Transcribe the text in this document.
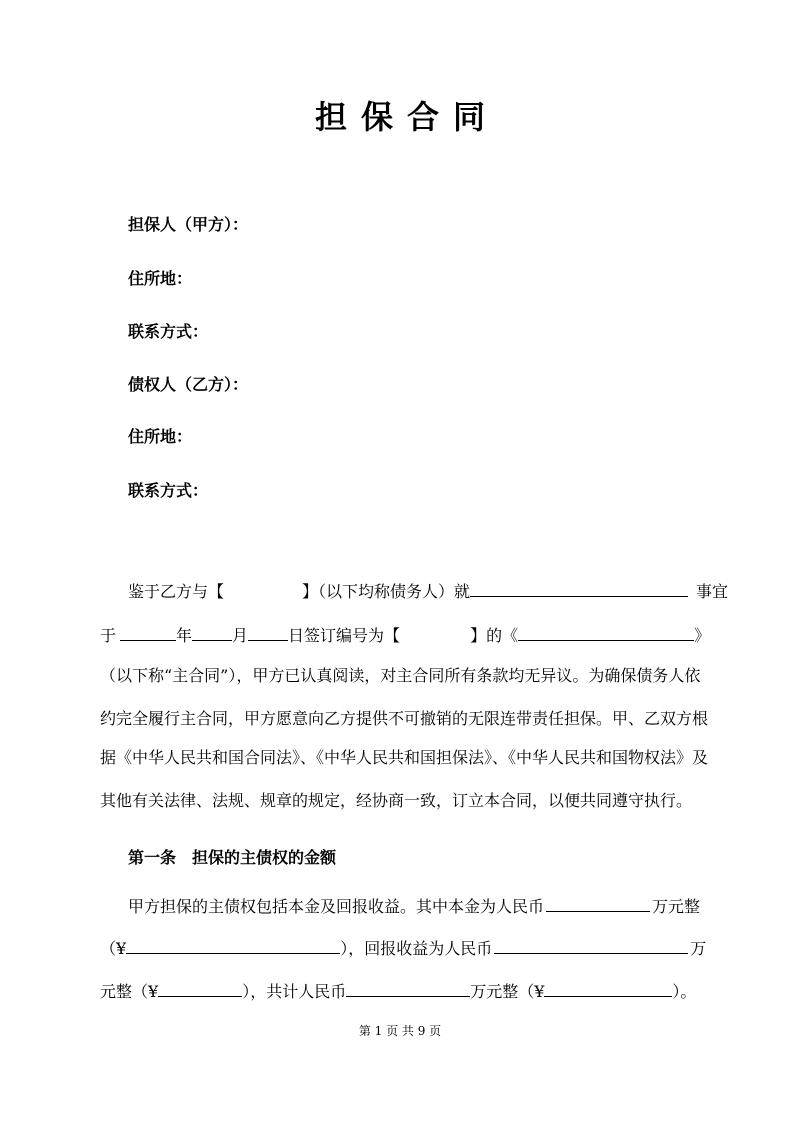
担保合同
担保人（甲方）：
住所地：
联系方式：
债权人（乙方）：
住所地：
联系方式：
鉴于乙方与【	】（以下均称债务人）就	事宜
于	年	月	日签订编号为【	】的《	》
（以下称“主合同”），甲方已认真阅读，对主合同所有条款均无异议。为确保债务人依
约完全履行主合同，甲方愿意向乙方提供不可撤销的无限连带责任担保。甲、乙双方根
据《中华人民共和国合同法》、《中华人民共和国担保法》、《中华人民共和国物权法》及
其他有关法律、法规、规章的规定，经协商一致，订立本合同，以便共同遵守执行。
第一条　担保的主债权的金额
甲方担保的主债权包括本金及回报收益。其中本金为人民币	万元整
（¥	），回报收益为人民币	万
元整（¥	），共计人民币	万元整（¥	）。
第 1 页 共 9 页
